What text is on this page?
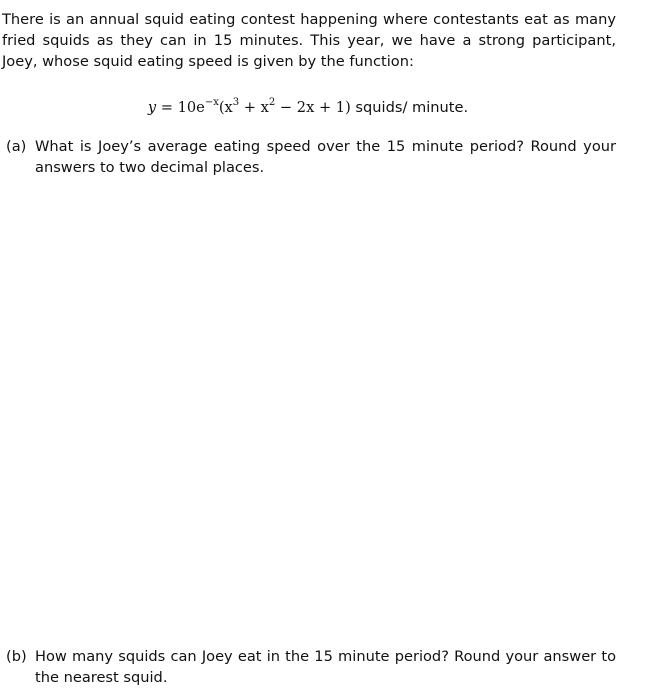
There is an annual squid eating contest happening where contestants eat as many fried squids as they can in 15 minutes. This year, we have a strong participant, Joey, whose squid eating speed is given by the function:

$y = 10e^{-x}(x^3 + x^2 - 2x + 1)$ squids/ minute.
(a) What is Joey’s average eating speed over the 15 minute period? Round your answers to two decimal places.
(b) How many squids can Joey eat in the 15 minute period? Round your answer to the nearest squid.
